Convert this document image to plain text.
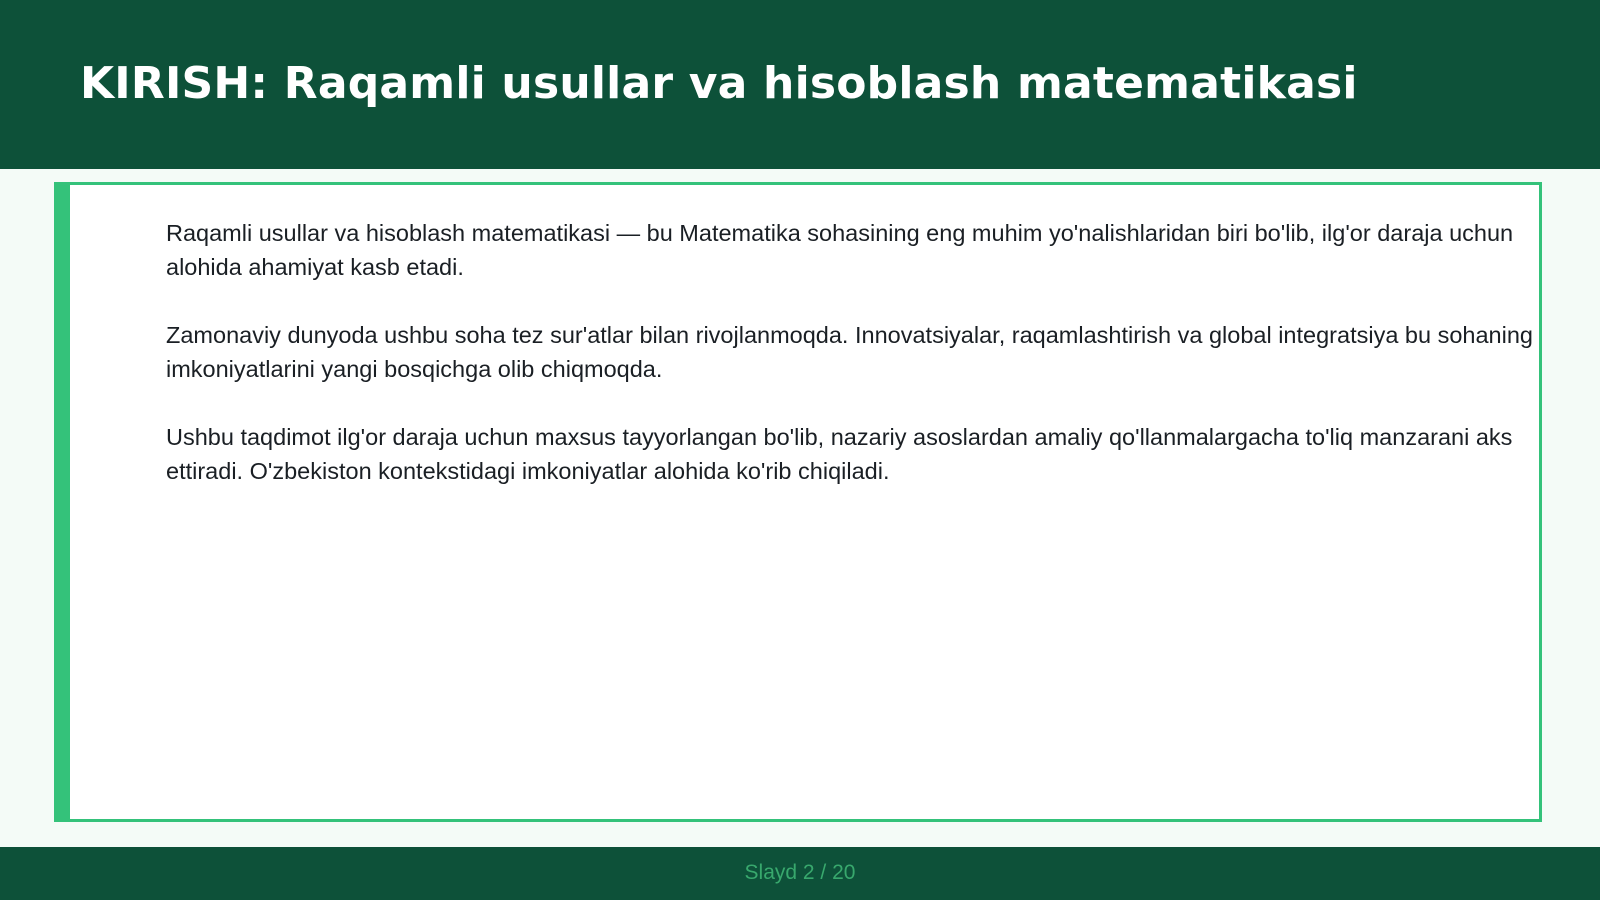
KIRISH: Raqamli usullar va hisoblash matematikasi

Raqamli usullar va hisoblash matematikasi — bu Matematika sohasining eng muhim yo'nalishlaridan biri bo'lib, ilg'or daraja uchun alohida ahamiyat kasb etadi.

Zamonaviy dunyoda ushbu soha tez sur'atlar bilan rivojlanmoqda. Innovatsiyalar, raqamlashtirish va global integratsiya bu sohaning imkoniyatlarini yangi bosqichga olib chiqmoqda.

Ushbu taqdimot ilg'or daraja uchun maxsus tayyorlangan bo'lib, nazariy asoslardan amaliy qo'llanmalargacha to'liq manzarani aks ettiradi. O'zbekiston kontekstidagi imkoniyatlar alohida ko'rib chiqiladi.

Slayd 2 / 20
